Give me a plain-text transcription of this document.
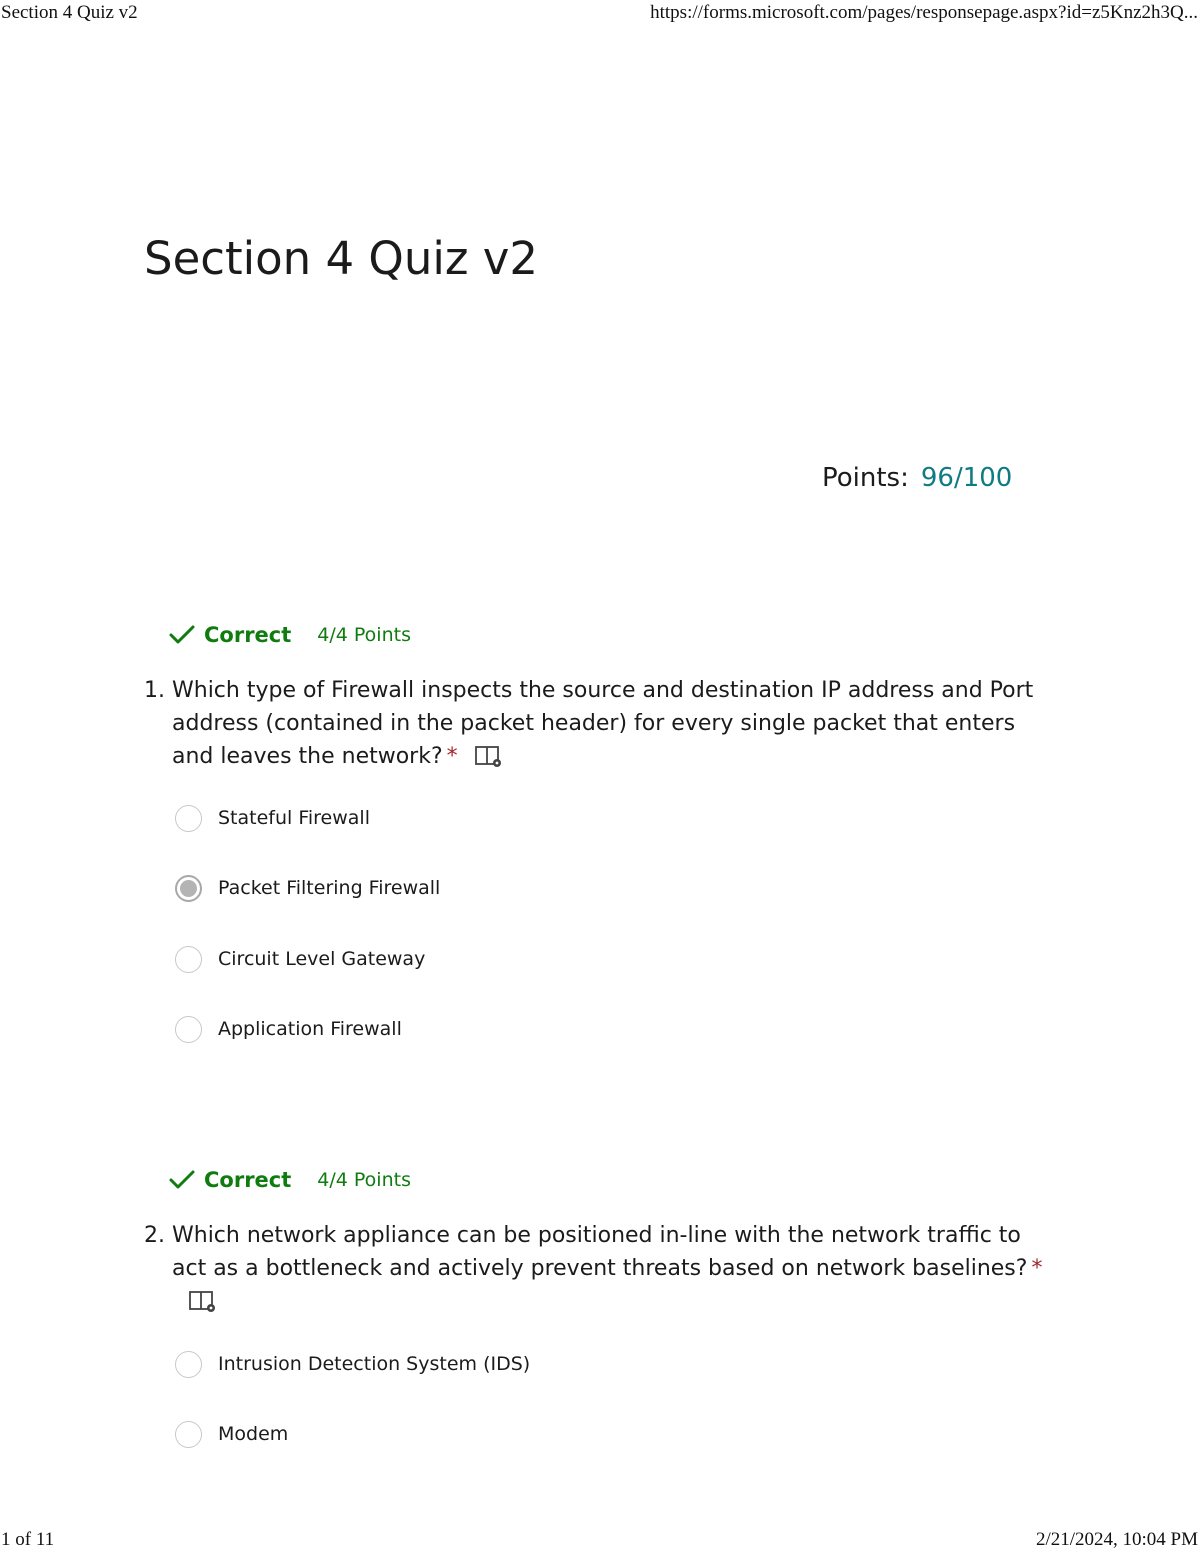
Section 4 Quiz v2	https://forms.microsoft.com/pages/responsepage.aspx?id=z5Knz2h3Q...
Section 4 Quiz v2
Points: 96/100
Correct 4/4 Points
1. Which type of Firewall inspects the source and destination IP address and Port address (contained in the packet header) for every single packet that enters and leaves the network? *
Stateful Firewall
Packet Filtering Firewall
Circuit Level Gateway
Application Firewall
Correct 4/4 Points
2. Which network appliance can be positioned in-line with the network traffic to act as a bottleneck and actively prevent threats based on network baselines? *
Intrusion Detection System (IDS)
Modem
1 of 11	2/21/2024, 10:04 PM
